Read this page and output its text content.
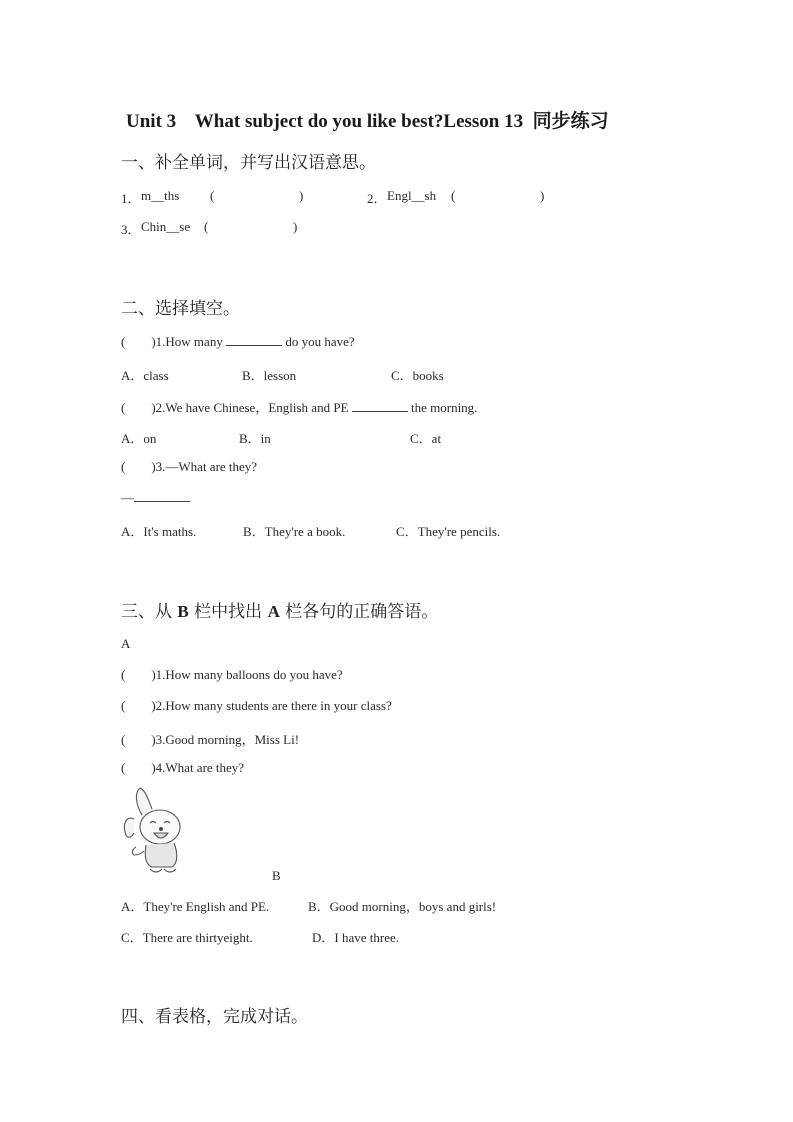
Unit 3    What subject do you like best?Lesson 13  同步练习
一、补全单词，并写出汉语意思。
1． m__ths (	)	2． Engl__sh (	)
3． Chin__se (	)
二、选择填空。
(        )1.How many	do you have?
A．class	B．lesson	C．books
(        )2.We have Chinese，English and PE	the morning.
A．on	B．in	C．at
(        )3.—What are they?
—
A．It's maths.	B．They're a book.	C．They're pencils.
三、从 B 栏中找出 A 栏各句的正确答语。
A
(        )1.How many balloons do you have?
(        )2.How many students are there in your class?
(        )3.Good morning，Miss Li!
(        )4.What are they?
B
A．They're English and PE.	B．Good morning，boys and girls!
C．There are thirtyeight.	D．I have three.
四、看表格，完成对话。
